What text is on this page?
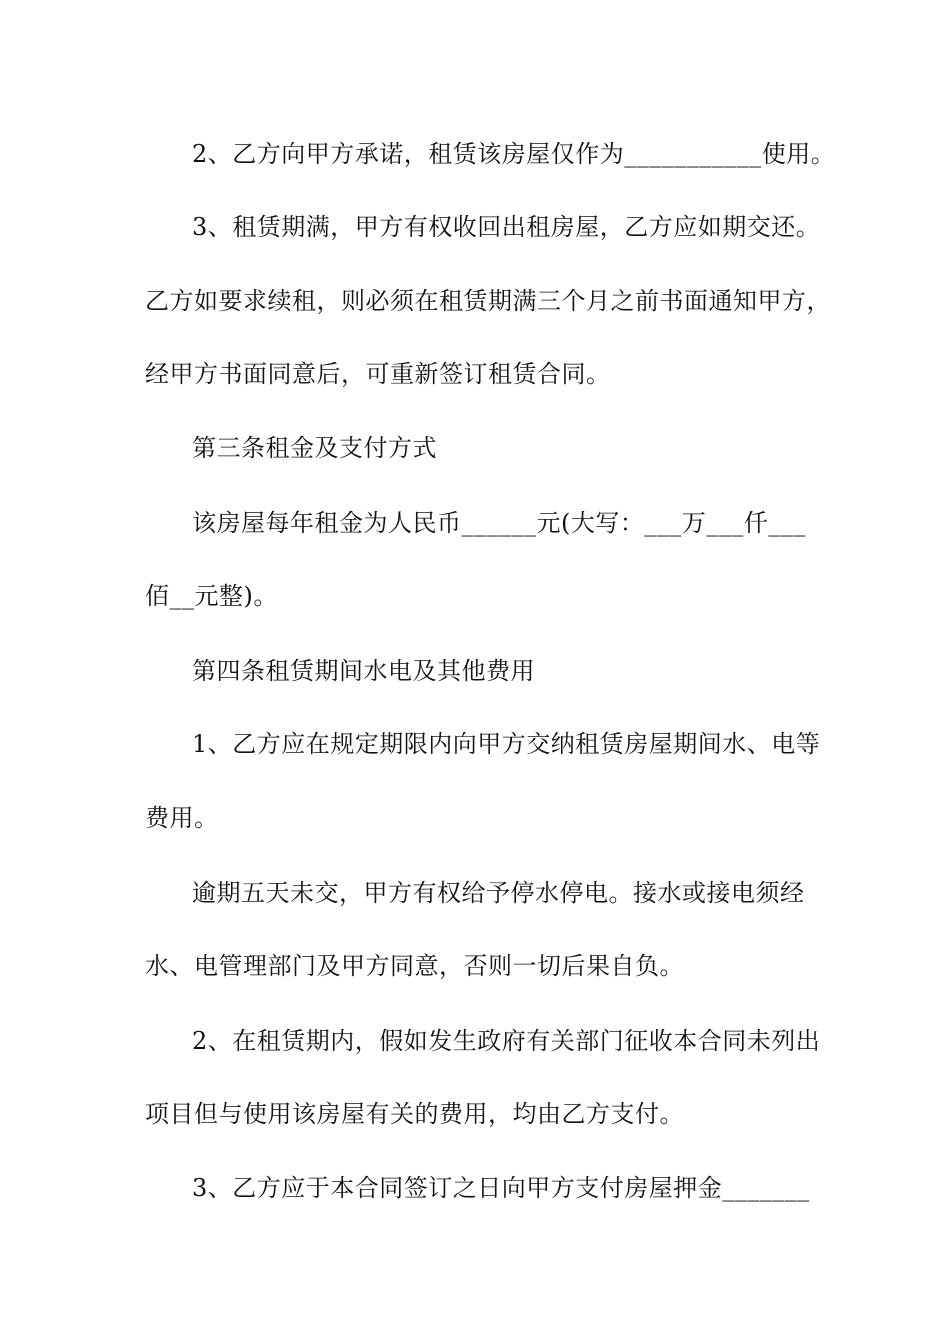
2、乙方向甲方承诺，租赁该房屋仅作为___________使用。
3、租赁期满，甲方有权收回出租房屋，乙方应如期交还。
乙方如要求续租，则必须在租赁期满三个月之前书面通知甲方，
经甲方书面同意后，可重新签订租赁合同。
第三条租金及支付方式
该房屋每年租金为人民币______元(大写：___万___仟___
佰__元整)。
第四条租赁期间水电及其他费用
1、乙方应在规定期限内向甲方交纳租赁房屋期间水、电等
费用。
逾期五天未交，甲方有权给予停水停电。接水或接电须经
水、电管理部门及甲方同意，否则一切后果自负。
2、在租赁期内，假如发生政府有关部门征收本合同未列出
项目但与使用该房屋有关的费用，均由乙方支付。
3、乙方应于本合同签订之日向甲方支付房屋押金_______
